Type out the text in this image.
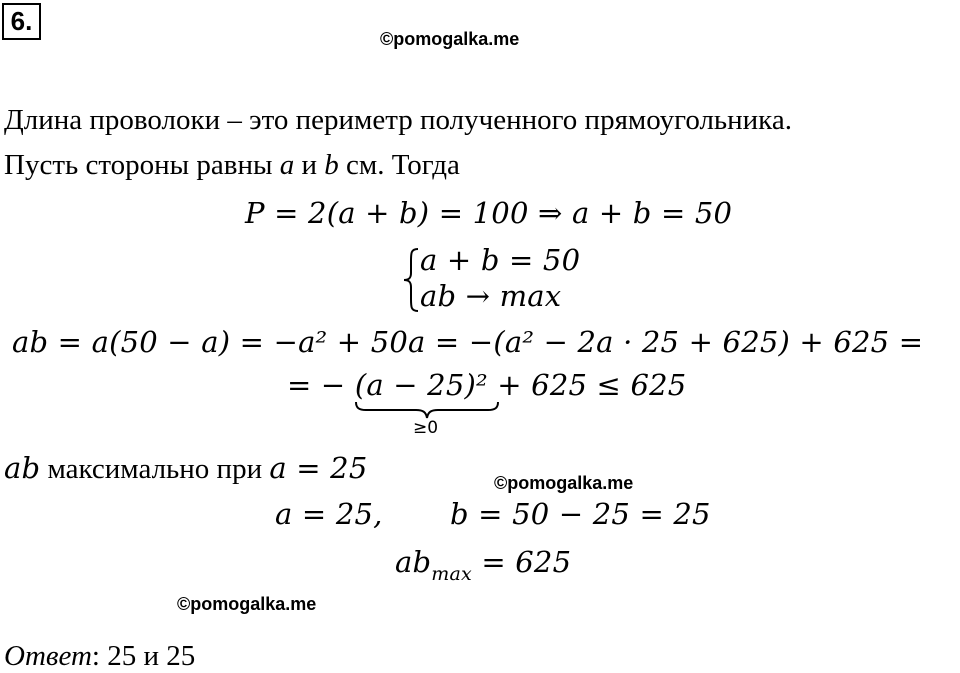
6.
©pomogalka.me
Длина проволоки – это периметр полученного прямоугольника.
Пусть стороны равны a и b см. Тогда
P = 2(a + b) = 100 ⇒ a + b = 50
a + b = 50
ab → max
ab = a(50 − a) = −a² + 50a = −(a² − 2a · 25 + 625) + 625 =
= − (a − 25)² + 625 ≤ 625
≥0
ab максимально при a = 25	©pomogalka.me
a = 25, b = 50 − 25 = 25
$ab_{max} = 625$
©pomogalka.me
Ответ: 25 и 25
